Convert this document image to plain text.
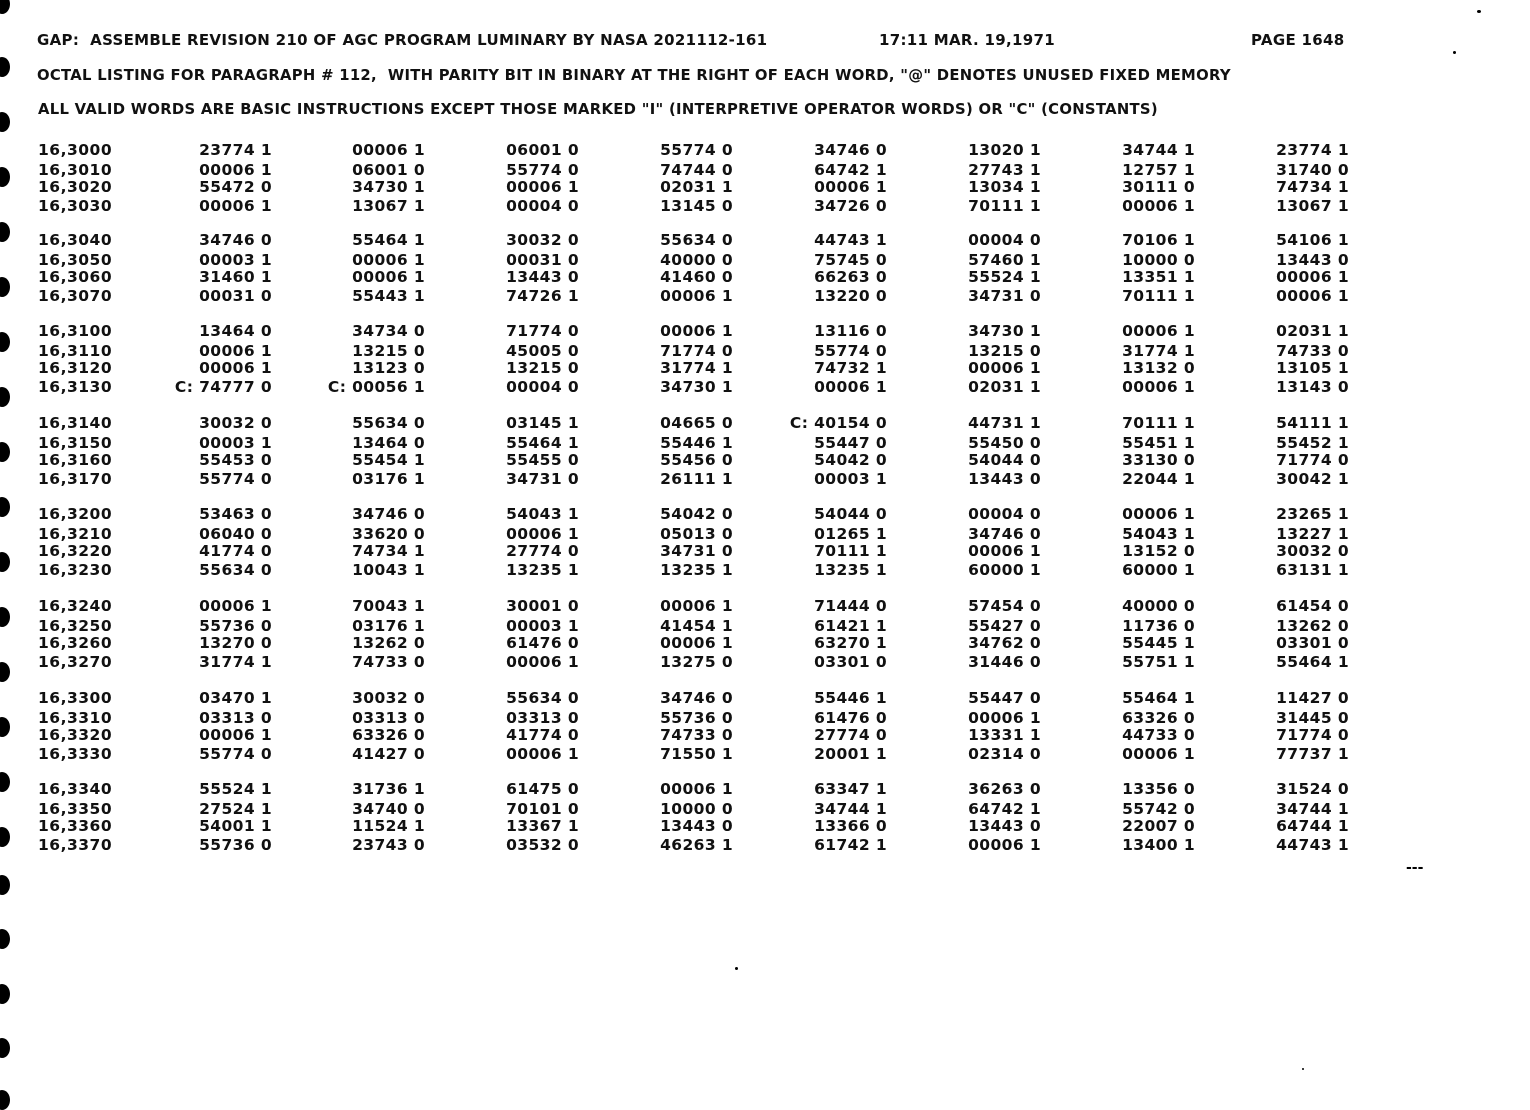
GAP:  ASSEMBLE REVISION 210 OF AGC PROGRAM LUMINARY BY NASA 2021112-161	17:11 MAR. 19,1971	PAGE 1648
OCTAL LISTING FOR PARAGRAPH # 112,  WITH PARITY BIT IN BINARY AT THE RIGHT OF EACH WORD, "@" DENOTES UNUSED FIXED MEMORY
ALL VALID WORDS ARE BASIC INSTRUCTIONS EXCEPT THOSE MARKED "I" (INTERPRETIVE OPERATOR WORDS) OR "C" (CONSTANTS)
16,3000	23774 1	00006 1	06001 0	55774 0	34746 0	13020 1	34744 1	23774 1
16,3010	00006 1	06001 0	55774 0	74744 0	64742 1	27743 1	12757 1	31740 0
16,3020	55472 0	34730 1	00006 1	02031 1	00006 1	13034 1	30111 0	74734 1
16,3030	00006 1	13067 1	00004 0	13145 0	34726 0	70111 1	00006 1	13067 1
16,3040	34746 0	55464 1	30032 0	55634 0	44743 1	00004 0	70106 1	54106 1
16,3050	00003 1	00006 1	00031 0	40000 0	75745 0	57460 1	10000 0	13443 0
16,3060	31460 1	00006 1	13443 0	41460 0	66263 0	55524 1	13351 1	00006 1
16,3070	00031 0	55443 1	74726 1	00006 1	13220 0	34731 0	70111 1	00006 1
16,3100	13464 0	34734 0	71774 0	00006 1	13116 0	34730 1	00006 1	02031 1
16,3110	00006 1	13215 0	45005 0	71774 0	55774 0	13215 0	31774 1	74733 0
16,3120	00006 1	13123 0	13215 0	31774 1	74732 1	00006 1	13132 0	13105 1
16,3130	C: 74777 0	C: 00056 1	00004 0	34730 1	00006 1	02031 1	00006 1	13143 0
16,3140	30032 0	55634 0	03145 1	04665 0	C: 40154 0	44731 1	70111 1	54111 1
16,3150	00003 1	13464 0	55464 1	55446 1	55447 0	55450 0	55451 1	55452 1
16,3160	55453 0	55454 1	55455 0	55456 0	54042 0	54044 0	33130 0	71774 0
16,3170	55774 0	03176 1	34731 0	26111 1	00003 1	13443 0	22044 1	30042 1
16,3200	53463 0	34746 0	54043 1	54042 0	54044 0	00004 0	00006 1	23265 1
16,3210	06040 0	33620 0	00006 1	05013 0	01265 1	34746 0	54043 1	13227 1
16,3220	41774 0	74734 1	27774 0	34731 0	70111 1	00006 1	13152 0	30032 0
16,3230	55634 0	10043 1	13235 1	13235 1	13235 1	60000 1	60000 1	63131 1
16,3240	00006 1	70043 1	30001 0	00006 1	71444 0	57454 0	40000 0	61454 0
16,3250	55736 0	03176 1	00003 1	41454 1	61421 1	55427 0	11736 0	13262 0
16,3260	13270 0	13262 0	61476 0	00006 1	63270 1	34762 0	55445 1	03301 0
16,3270	31774 1	74733 0	00006 1	13275 0	03301 0	31446 0	55751 1	55464 1
16,3300	03470 1	30032 0	55634 0	34746 0	55446 1	55447 0	55464 1	11427 0
16,3310	03313 0	03313 0	03313 0	55736 0	61476 0	00006 1	63326 0	31445 0
16,3320	00006 1	63326 0	41774 0	74733 0	27774 0	13331 1	44733 0	71774 0
16,3330	55774 0	41427 0	00006 1	71550 1	20001 1	02314 0	00006 1	77737 1
16,3340	55524 1	31736 1	61475 0	00006 1	63347 1	36263 0	13356 0	31524 0
16,3350	27524 1	34740 0	70101 0	10000 0	34744 1	64742 1	55742 0	34744 1
16,3360	54001 1	11524 1	13367 1	13443 0	13366 0	13443 0	22007 0	64744 1
16,3370	55736 0	23743 0	03532 0	46263 1	61742 1	00006 1	13400 1	44743 1
---
